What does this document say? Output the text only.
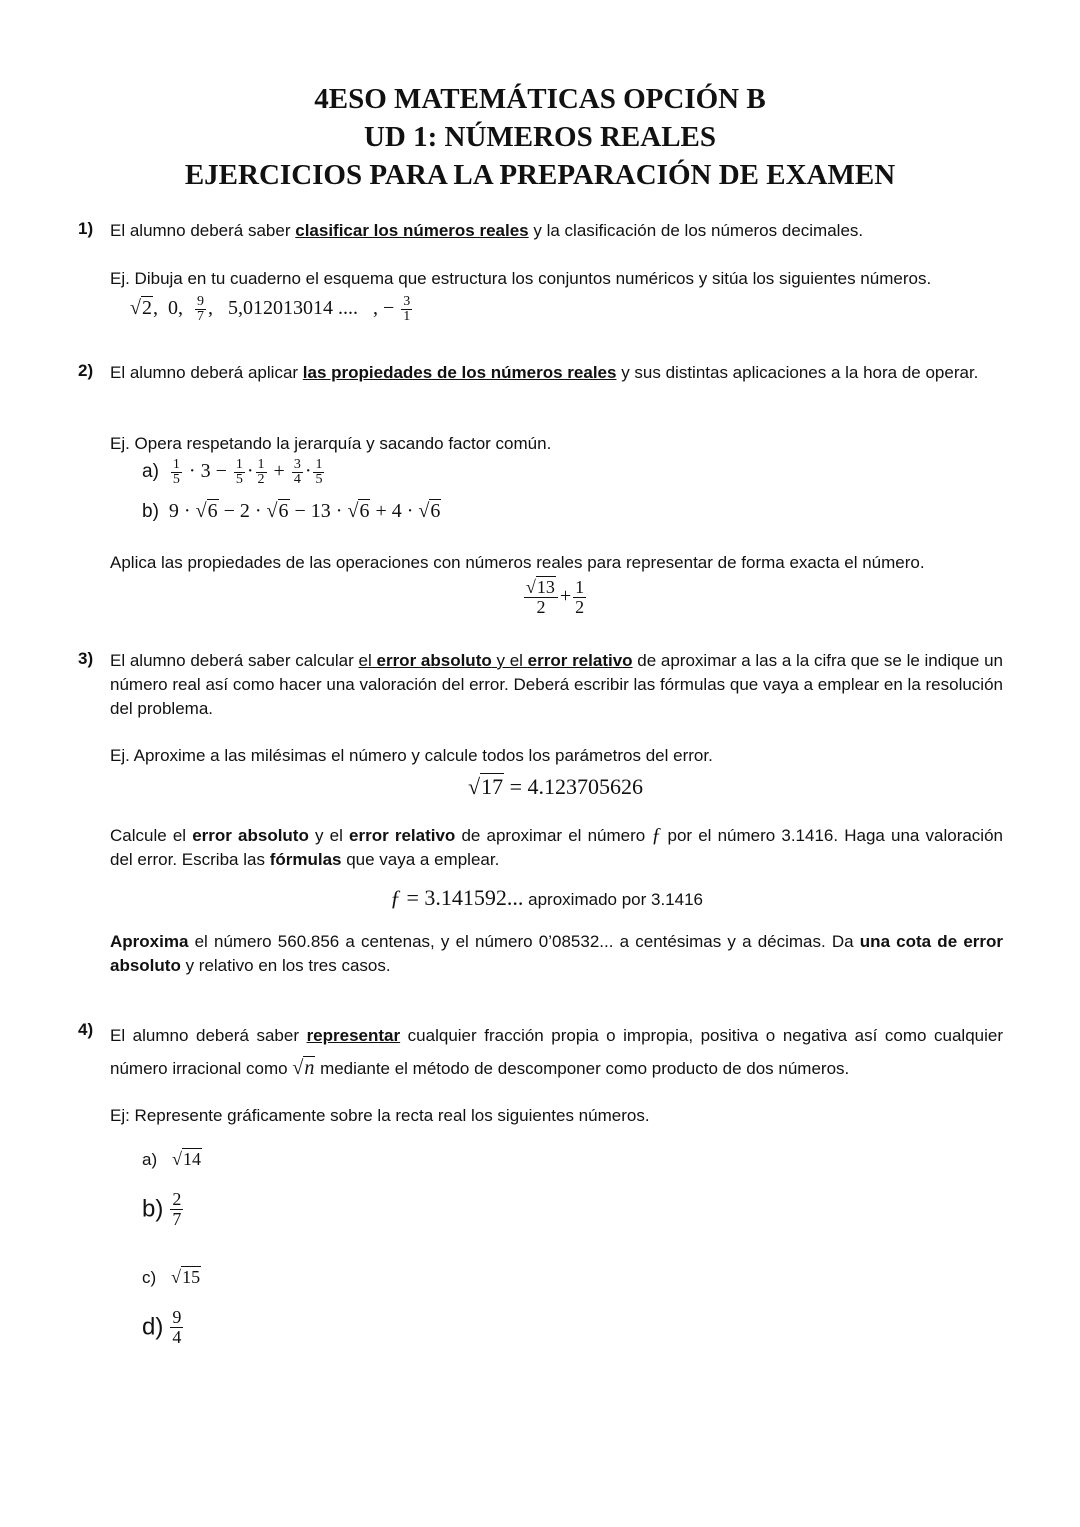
4ESO MATEMÁTICAS OPCIÓN B
UD 1: NÚMEROS REALES
EJERCICIOS PARA LA PREPARACIÓN DE EXAMEN
1) El alumno deberá saber clasificar los números reales y la clasificación de los números decimales.
Ej. Dibuja en tu cuaderno el esquema que estructura los conjuntos numéricos y sitúa los siguientes números.
√2,  0, $\frac{9}{7}$ ,   5,012013014 .... , − $\frac{3}{1}$
2) El alumno deberá aplicar las propiedades de los números reales y sus distintas aplicaciones a la hora de operar.
Ej. Opera respetando la jerarquía y sacando factor común.
$a) \frac{1}{5} \cdot 3 - \frac{1}{5} \cdot \frac{1}{2} + \frac{3}{4} \cdot \frac{1}{5}$
b) 9 · √6 − 2 · √6 − 13 · √6 + 4 · √6
Aplica las propiedades de las operaciones con números reales para representar de forma exacta el número.
$\frac{√13}{2} + \frac{1}{2}$
3) El alumno deberá saber calcular el error absoluto y el error relativo de aproximar a las a la cifra que se le indique un número real así como hacer una valoración del error. Deberá escribir las fórmulas que vaya a emplear en la resolución del problema.
Ej. Aproxime a las milésimas el número y calcule todos los parámetros del error.
√17 = 4.123705626
Calcule el error absoluto y el error relativo de aproximar el número ƒ por el número 3.1416. Haga una valoración del error. Escriba las fórmulas que vaya a emplear.
ƒ = 3.141592... aproximado por 3.1416
Aproxima el número 560.856 a centenas, y el número 0’08532... a centésimas y a décimas. Da una cota de error absoluto y relativo en los tres casos.
4) El alumno deberá saber representar cualquier fracción propia o impropia, positiva o negativa así como cualquier número irracional como √n mediante el método de descomponer como producto de dos números.
Ej: Represente gráficamente sobre la recta real los siguientes números.
a) √14
$b) \frac{2}{7}$
c) √15
$d) \frac{9}{4}$
